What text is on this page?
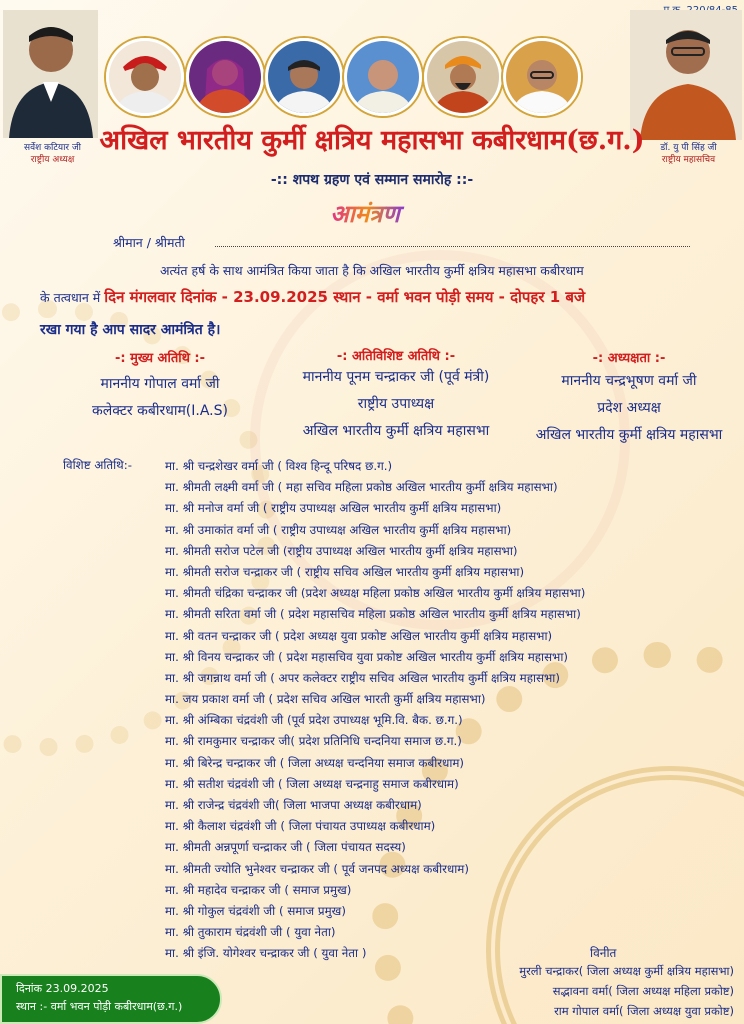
सर्वेश कटियार जी
राष्ट्रीय अध्यक्ष
डॉ. यु पी सिंह जी
राष्ट्रीय महासचिव
अखिल भारतीय कुर्मी क्षत्रिय महासभा कबीरधाम(छ.ग.)
-:: शपथ ग्रहण एवं सम्मान समारोह ::-
आमंत्रण
श्रीमान / श्रीमती
अत्यंत हर्ष के साथ आमंत्रित किया जाता है कि अखिल भारतीय कुर्मी क्षत्रिय महासभा कबीरधाम
के तत्वधान में दिन मंगलवार दिनांक - 23.09.2025 स्थान - वर्मा भवन पोड़ी समय - दोपहर 1 बजे
रखा गया है आप सादर आमंत्रित है।
-: मुख्य अतिथि :-
माननीय गोपाल वर्मा जी
कलेक्टर कबीरधाम(I.A.S)
-: अतिविशिष्ट अतिथि :-
माननीय पूनम चन्द्राकर जी (पूर्व मंत्री)
राष्ट्रीय उपाध्यक्ष
अखिल भारतीय कुर्मी क्षत्रिय महासभा
-: अध्यक्षता :-
माननीय चन्द्रभूषण वर्मा जी
प्रदेश अध्यक्ष
अखिल भारतीय कुर्मी क्षत्रिय महासभा
विशिष्ट अतिथि:-	मा. श्री चन्द्रशेखर वर्मा जी ( विश्व हिन्दू परिषद छ.ग.)
मा. श्रीमती लक्ष्मी वर्मा जी ( महा सचिव महिला प्रकोष्ठ अखिल भारतीय कुर्मी क्षत्रिय महासभा)
मा. श्री मनोज वर्मा जी ( राष्ट्रीय उपाध्यक्ष अखिल भारतीय कुर्मी क्षत्रिय महासभा)
मा. श्री उमाकांत वर्मा जी ( राष्ट्रीय उपाध्यक्ष अखिल भारतीय कुर्मी क्षत्रिय महासभा)
मा. श्रीमती सरोज पटेल जी (राष्ट्रीय उपाध्यक्ष अखिल भारतीय कुर्मी क्षत्रिय महासभा)
मा. श्रीमती सरोज चन्द्राकर जी ( राष्ट्रीय सचिव अखिल भारतीय कुर्मी क्षत्रिय महासभा)
मा. श्रीमती चंद्रिका चन्द्राकर जी (प्रदेश अध्यक्ष महिला प्रकोष्ठ अखिल भारतीय कुर्मी क्षत्रिय महासभा)
मा. श्रीमती सरिता वर्मा जी ( प्रदेश महासचिव महिला प्रकोष्ठ अखिल भारतीय कुर्मी क्षत्रिय महासभा)
मा. श्री वतन चन्द्राकर जी ( प्रदेश अध्यक्ष युवा प्रकोष्ट अखिल भारतीय कुर्मी क्षत्रिय महासभा)
मा. श्री विनय चन्द्राकर जी ( प्रदेश महासचिव युवा प्रकोष्ट अखिल भारतीय कुर्मी क्षत्रिय महासभा)
मा. श्री जगन्नाथ वर्मा जी ( अपर कलेक्टर राष्ट्रीय सचिव अखिल भारतीय कुर्मी क्षत्रिय महासभा)
मा. जय प्रकाश वर्मा जी ( प्रदेश सचिव अखिल भारती कुर्मी क्षत्रिय महासभा)
मा. श्री अंम्बिका चंद्रवंशी जी (पूर्व प्रदेश उपाध्यक्ष भूमि.वि. बैक. छ.ग.)
मा. श्री रामकुमार चन्द्राकर जी( प्रदेश प्रतिनिधि चन्दनिया समाज छ.ग.)
मा. श्री बिरेन्द्र चन्द्राकर जी ( जिला अध्यक्ष चन्दनिया समाज कबीरधाम)
मा. श्री सतीश चंद्रवंशी जी ( जिला अध्यक्ष चन्द्रनाहु समाज कबीरधाम)
मा. श्री राजेन्द्र चंद्रवंशी जी( जिला भाजपा अध्यक्ष कबीरधाम)
मा. श्री कैलाश चंद्रवंशी जी ( जिला पंचायत उपाध्यक्ष कबीरधाम)
मा. श्रीमती अन्नपूर्णा चन्द्राकर जी ( जिला पंचायत सदस्य)
मा. श्रीमती ज्योति भुनेश्वर चन्द्राकर जी ( पूर्व जनपद अध्यक्ष कबीरधाम)
मा. श्री महादेव चन्द्राकर जी ( समाज प्रमुख)
मा. श्री गोकुल चंद्रवंशी जी ( समाज प्रमुख)
मा. श्री तुकाराम चंद्रवंशी जी ( युवा नेता)
मा. श्री इंजि. योगेश्वर चन्द्राकर जी ( युवा नेता )	विनीत
मुरली चन्द्राकर( जिला अध्यक्ष कुर्मी क्षत्रिय महासभा)
सद्भावना वर्मा( जिला अध्यक्ष महिला प्रकोष्ट)
राम गोपाल वर्मा( जिला अध्यक्ष युवा प्रकोष्ट)
दिनांक 23.09.2025
स्थान :- वर्मा भवन पोड़ी कबीरधाम(छ.ग.)
